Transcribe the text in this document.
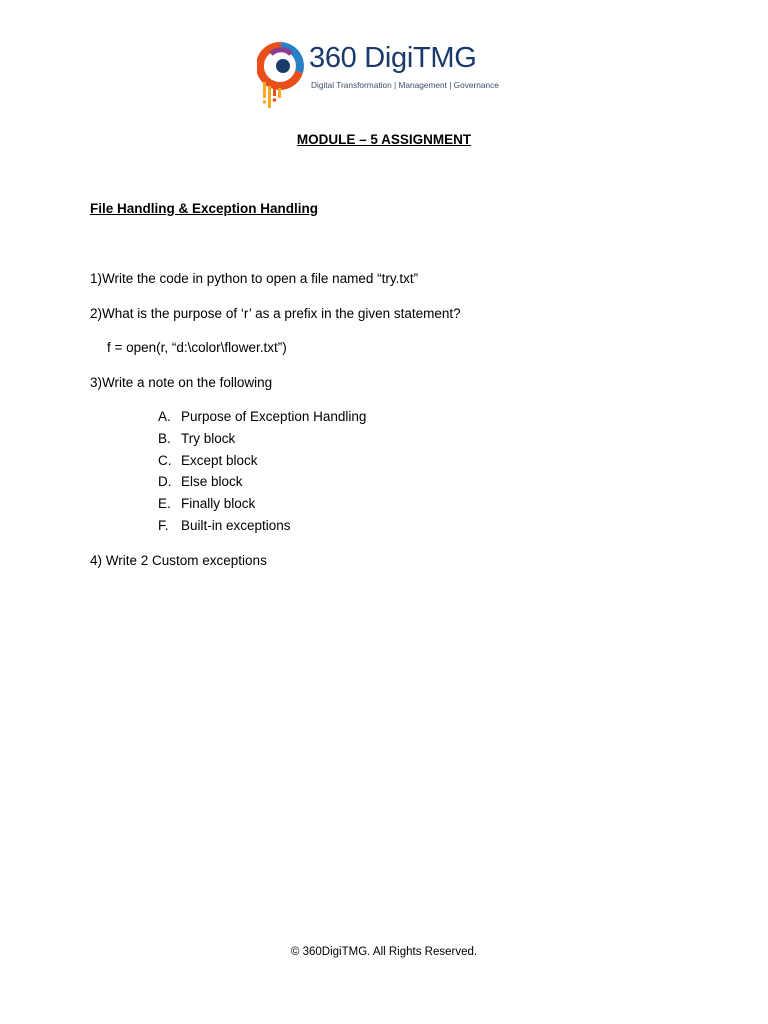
360 DigiTMG
Digital Transformation | Management | Governance
MODULE – 5 ASSIGNMENT
File Handling & Exception Handling
1)Write the code in python to open a file named “try.txt”
2)What is the purpose of ‘r’ as a prefix in the given statement?
f = open(r, “d:\color\flower.txt”)
3)Write a note on the following
A. Purpose of Exception Handling
B. Try block
C. Except block
D. Else block
E. Finally block
F. Built-in exceptions
4) Write 2 Custom exceptions
© 360DigiTMG. All Rights Reserved.
